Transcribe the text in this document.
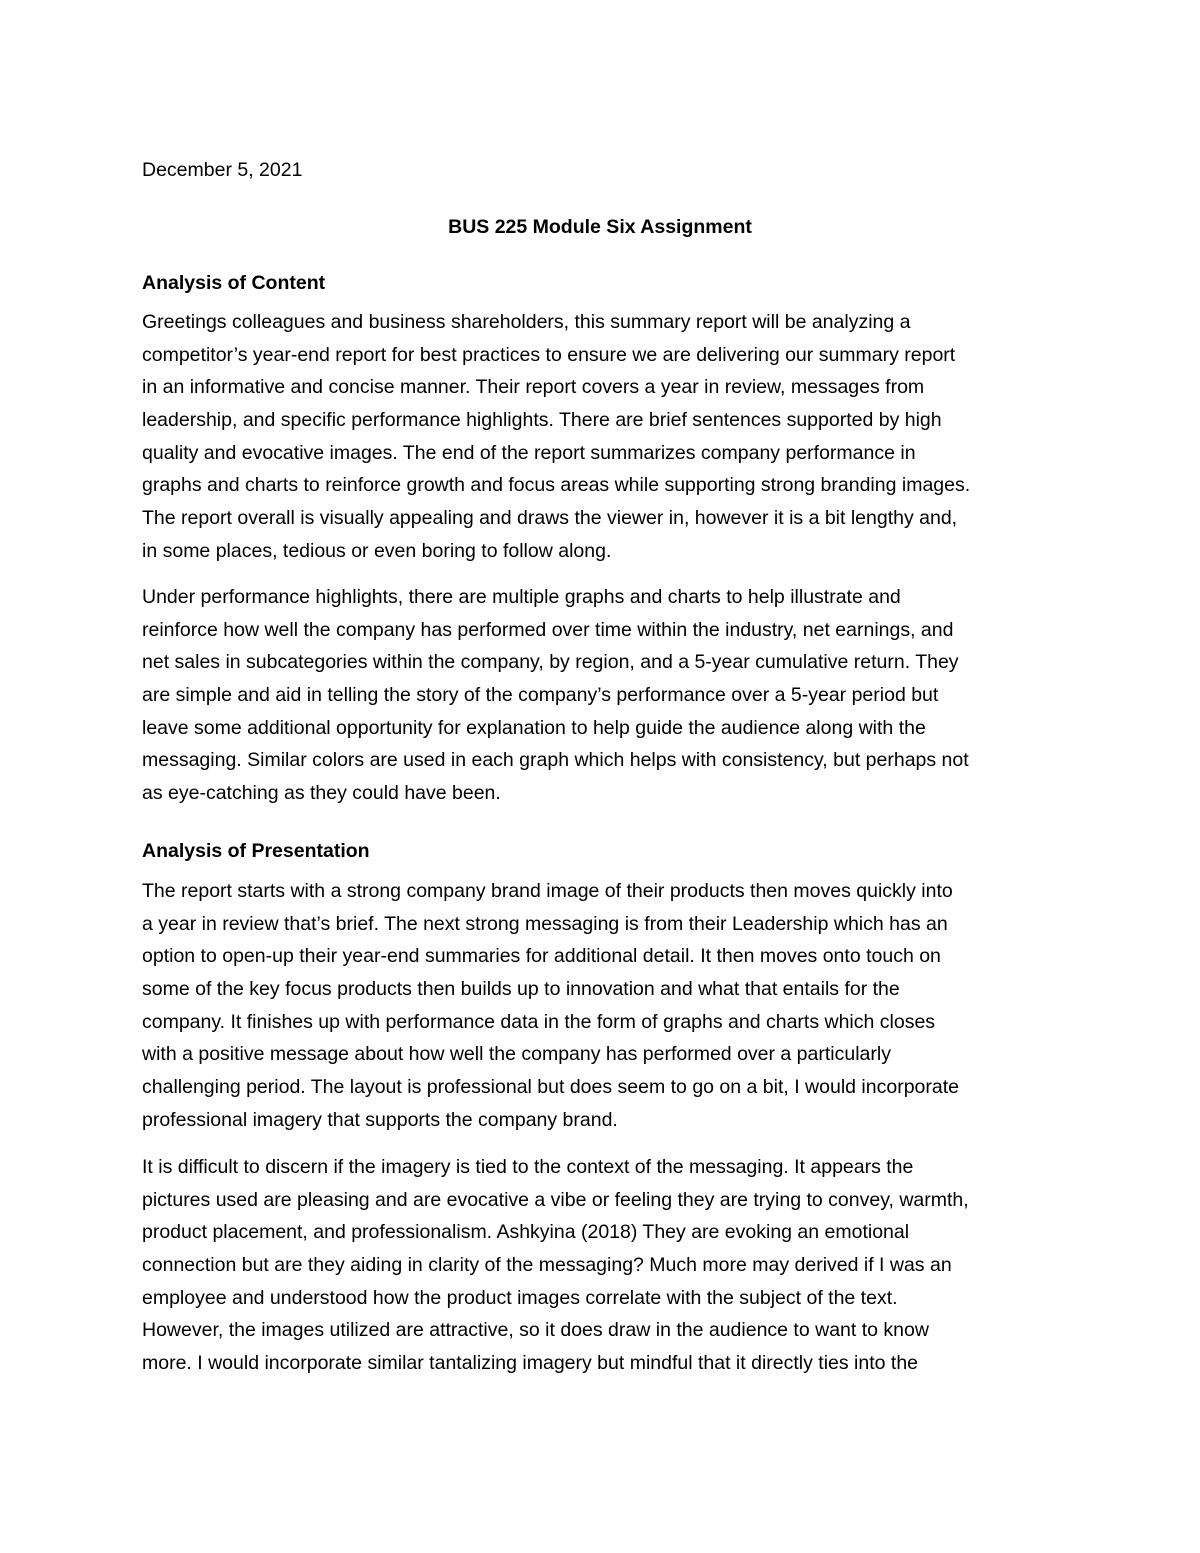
December 5, 2021
BUS 225 Module Six Assignment
Analysis of Content
Greetings colleagues and business shareholders, this summary report will be analyzing a
competitor’s year-end report for best practices to ensure we are delivering our summary report
in an informative and concise manner. Their report covers a year in review, messages from
leadership, and specific performance highlights. There are brief sentences supported by high
quality and evocative images. The end of the report summarizes company performance in
graphs and charts to reinforce growth and focus areas while supporting strong branding images.
The report overall is visually appealing and draws the viewer in, however it is a bit lengthy and,
in some places, tedious or even boring to follow along.
Under performance highlights, there are multiple graphs and charts to help illustrate and
reinforce how well the company has performed over time within the industry, net earnings, and
net sales in subcategories within the company, by region, and a 5-year cumulative return. They
are simple and aid in telling the story of the company’s performance over a 5-year period but
leave some additional opportunity for explanation to help guide the audience along with the
messaging. Similar colors are used in each graph which helps with consistency, but perhaps not
as eye-catching as they could have been.
Analysis of Presentation
The report starts with a strong company brand image of their products then moves quickly into
a year in review that’s brief. The next strong messaging is from their Leadership which has an
option to open-up their year-end summaries for additional detail. It then moves onto touch on
some of the key focus products then builds up to innovation and what that entails for the
company. It finishes up with performance data in the form of graphs and charts which closes
with a positive message about how well the company has performed over a particularly
challenging period. The layout is professional but does seem to go on a bit, I would incorporate
professional imagery that supports the company brand.
It is difficult to discern if the imagery is tied to the context of the messaging. It appears the
pictures used are pleasing and are evocative a vibe or feeling they are trying to convey, warmth,
product placement, and professionalism. Ashkyina (2018) They are evoking an emotional
connection but are they aiding in clarity of the messaging? Much more may derived if I was an
employee and understood how the product images correlate with the subject of the text.
However, the images utilized are attractive, so it does draw in the audience to want to know
more. I would incorporate similar tantalizing imagery but mindful that it directly ties into the
